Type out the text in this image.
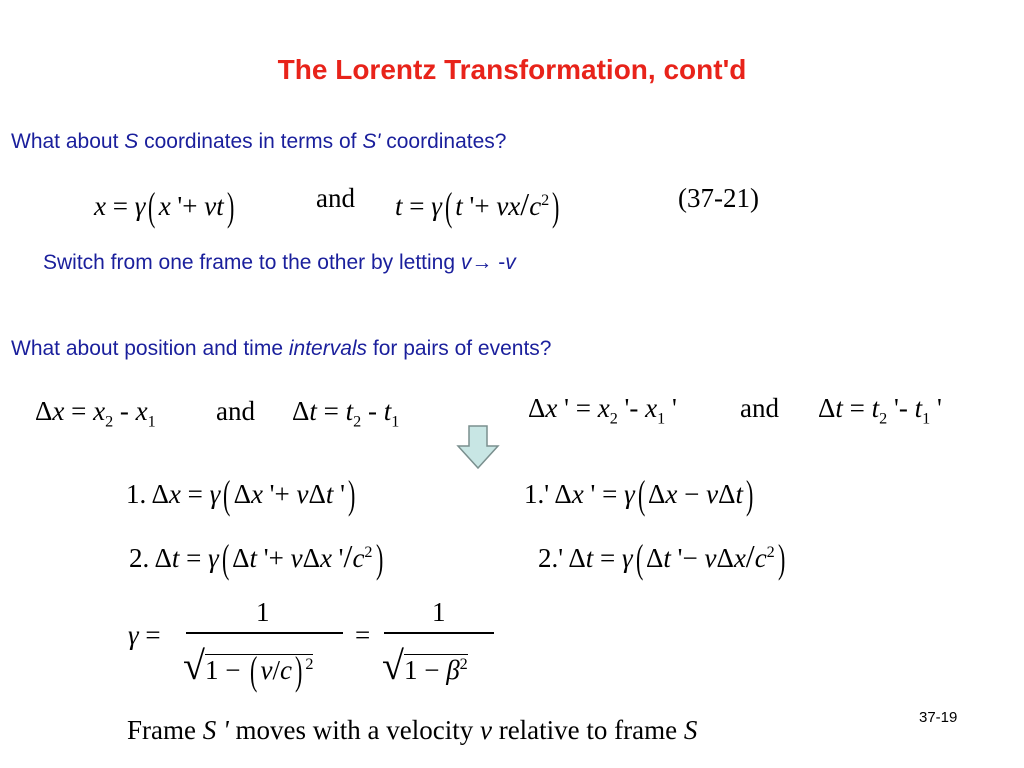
The Lorentz Transformation, cont'd
What about S coordinates in terms of S' coordinates?
x = γ( x '+ vt)	and t = γ( t '+ $vx/c^2$)	(37-21)
Switch from one frame to the other by letting v→ -v
What about position and time intervals for pairs of events?
$\Delta x = x_2 - x_1$ and $\Delta t = t_2 - t_1$	Δx ' = $x_2$ '- $x_1$ ' and $\Delta t = t_2$ '- $t_1$ '
1. Δx = γ( Δx '+ vΔt ')	1.' Δx ' = γ( Δx − vΔt)
2. Δt = γ( Δt '+ vΔx '$/c^2$)	2.' Δt = γ( Δt '− vΔx/$c^2$)
γ =
1
√1 − ( v/c) $^2$
=
1
$√1 - \beta^2$
Frame S ' moves with a velocity v relative to frame S	37-19
